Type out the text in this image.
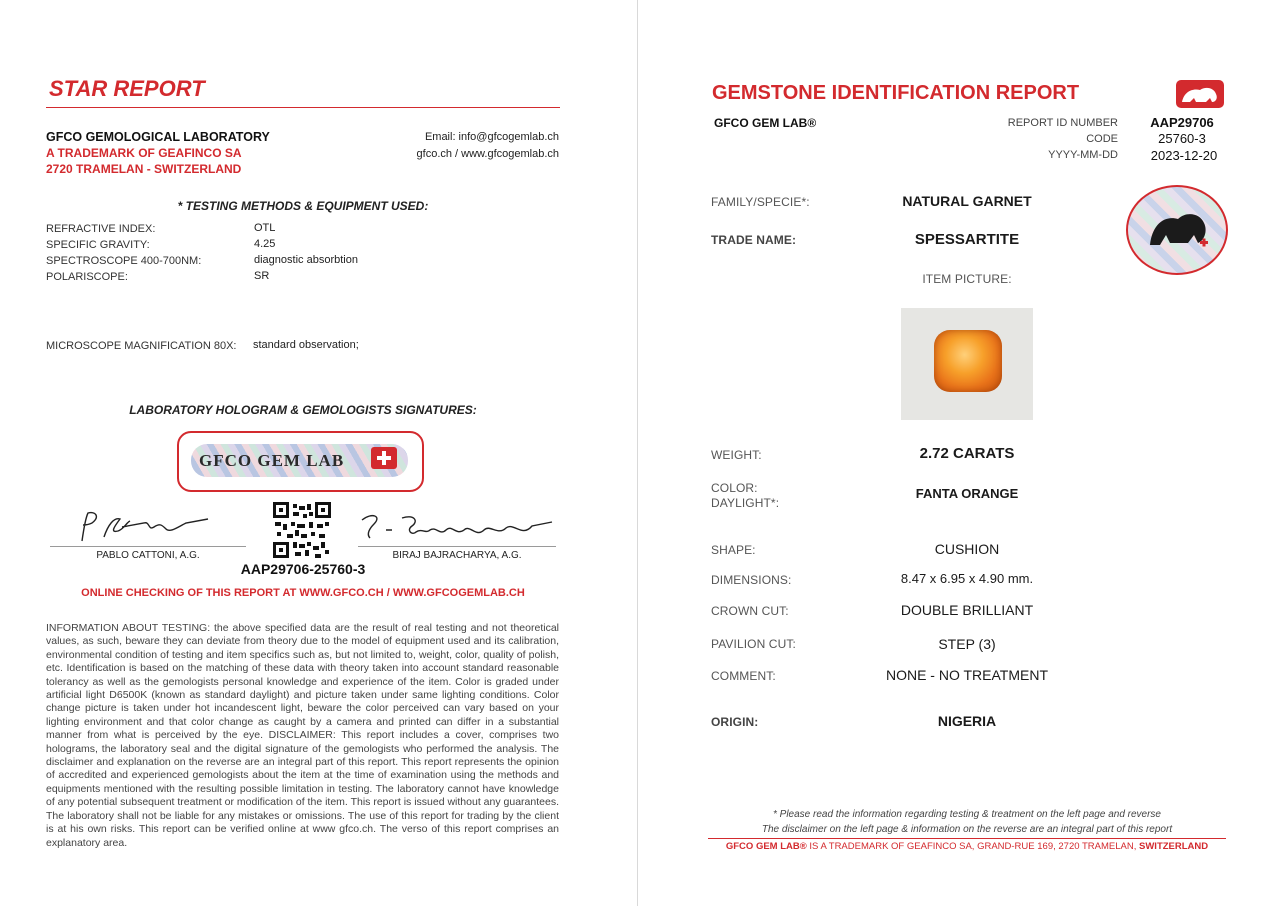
STAR REPORT
GFCO GEMOLOGICAL LABORATORY
A TRADEMARK OF GEAFINCO SA
2720 TRAMELAN - SWITZERLAND
Email: info@gfcogemlab.ch
gfco.ch / www.gfcogemlab.ch
* TESTING METHODS & EQUIPMENT USED:
REFRACTIVE INDEX:	OTL
SPECIFIC GRAVITY:	4.25
SPECTROSCOPE 400-700NM:	diagnostic absorbtion
POLARISCOPE:	SR
MICROSCOPE MAGNIFICATION 80X: standard observation;
LABORATORY HOLOGRAM & GEMOLOGISTS SIGNATURES:
GFCO GEM LAB
PABLO CATTONI, A.G.	BIRAJ BAJRACHARYA, A.G.
AAP29706-25760-3
ONLINE CHECKING OF THIS REPORT AT WWW.GFCO.CH / WWW.GFCOGEMLAB.CH
INFORMATION ABOUT TESTING: the above specified data are the result of real testing and not theoretical values, as such, beware they can deviate from theory due to the model of equipment used and its calibration, environmental condition of testing and item specifics such as, but not limited to, weight, color, quality of polish, etc. Identification is based on the matching of these data with theory taken into account standard reasonable tolerancy as well as the gemologists personal knowledge and experience of the item. Color is graded under artificial light D6500K (known as standard daylight) and picture taken under same lighting conditions. Color change picture is taken under hot incandescent light, beware the color perceived can vary based on your lighting environment and that color change as caught by a camera and printed can differ in a substantial manner from what is perceived by the eye. DISCLAIMER: This report includes a cover, comprises two holograms, the laboratory seal and the digital signature of the gemologists who performed the analysis. The disclaimer and explanation on the reverse are an integral part of this report. This report represents the opinion of accredited and experienced gemologists about the item at the time of examination using the methods and equipments mentioned with the resulting possible limitation in testing. The laboratory cannot have knowledge of any potential subsequent treatment or modification of the item. This report is issued without any guarantees. The laboratory shall not be liable for any mistakes or omissions. The use of this report for trading by the client is at his own risks. This report can be verified online at www gfco.ch. The verso of this report comprises an explanatory area.
GEMSTONE IDENTIFICATION REPORT
GFCO GEM LAB®	REPORT ID NUMBER	AAP29706
CODE	25760-3
YYYY-MM-DD	2023-12-20
FAMILY/SPECIE*:	NATURAL GARNET
TRADE NAME:	SPESSARTITE
ITEM PICTURE:
WEIGHT:	2.72 CARATS
COLOR:
DAYLIGHT*:
FANTA ORANGE
SHAPE:	CUSHION
DIMENSIONS:	8.47 x 6.95 x 4.90 mm.
CROWN CUT:	DOUBLE BRILLIANT
PAVILION CUT:	STEP (3)
COMMENT:	NONE - NO TREATMENT
ORIGIN:	NIGERIA
* Please read the information regarding testing & treatment on the left page and reverse
The disclaimer on the left page & information on the reverse are an integral part of this report
GFCO GEM LAB® IS A TRADEMARK OF GEAFINCO SA, GRAND-RUE 169, 2720 TRAMELAN, SWITZERLAND
